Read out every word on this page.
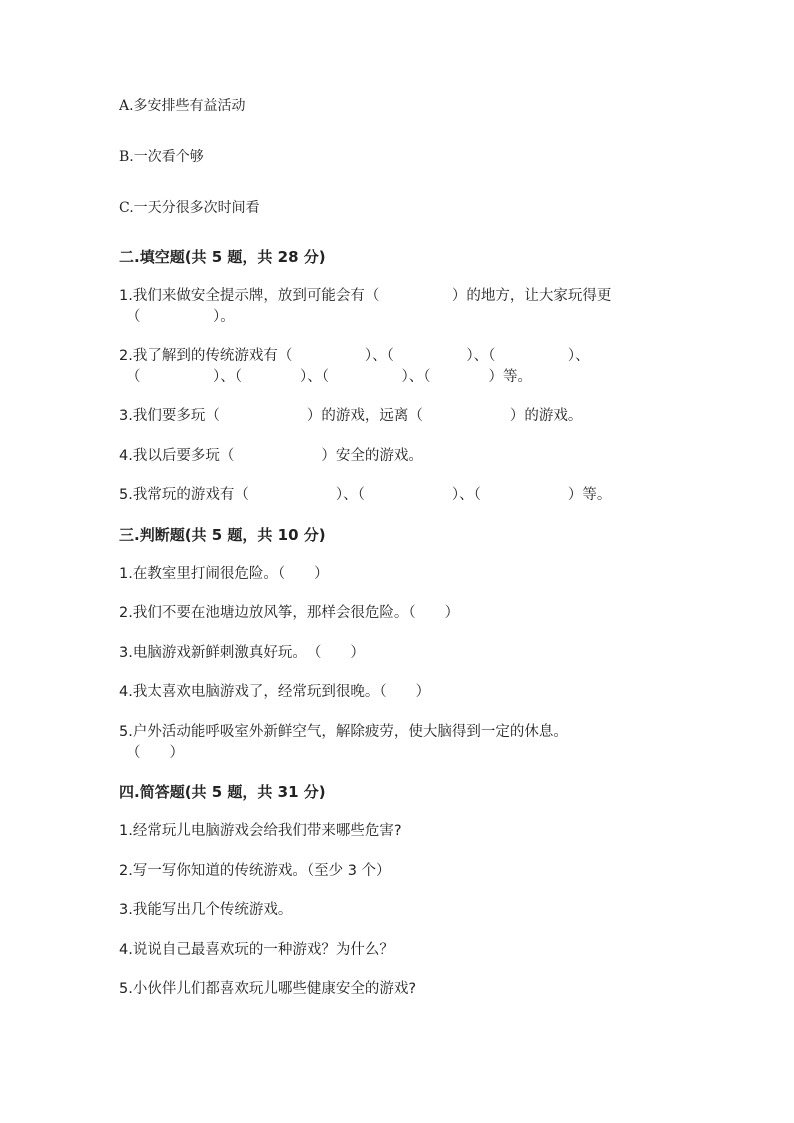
A.多安排些有益活动
B.一次看个够
C.一天分很多次时间看
二.填空题(共 5 题，共 28 分)
1.我们来做安全提示牌，放到可能会有（　　　　　）的地方，让大家玩得更
（　　　　　）。
2.我了解到的传统游戏有（　　　　　）、（　　　　　）、（　　　　　）、
（　　　　　）、（　　　　）、（　　　　　）、（　　　　）等。
3.我们要多玩（　　　　　　）的游戏，远离（　　　　　　）的游戏。
4.我以后要多玩（　　　　　　）安全的游戏。
5.我常玩的游戏有（　　　　　　）、（　　　　　　）、（　　　　　　）等。
三.判断题(共 5 题，共 10 分)
1.在教室里打闹很危险。（　　）
2.我们不要在池塘边放风筝，那样会很危险。（　　）
3.电脑游戏新鲜刺激真好玩。　（　　）
4.我太喜欢电脑游戏了，经常玩到很晚。（　　）
5.户外活动能呼吸室外新鲜空气，解除疲劳，使大脑得到一定的休息。
（　　）
四.简答题(共 5 题，共 31 分)
1.经常玩儿电脑游戏会给我们带来哪些危害?
2.写一写你知道的传统游戏。（至少 3 个）
3.我能写出几个传统游戏。
4.说说自己最喜欢玩的一种游戏？为什么？
5.小伙伴儿们都喜欢玩儿哪些健康安全的游戏?
